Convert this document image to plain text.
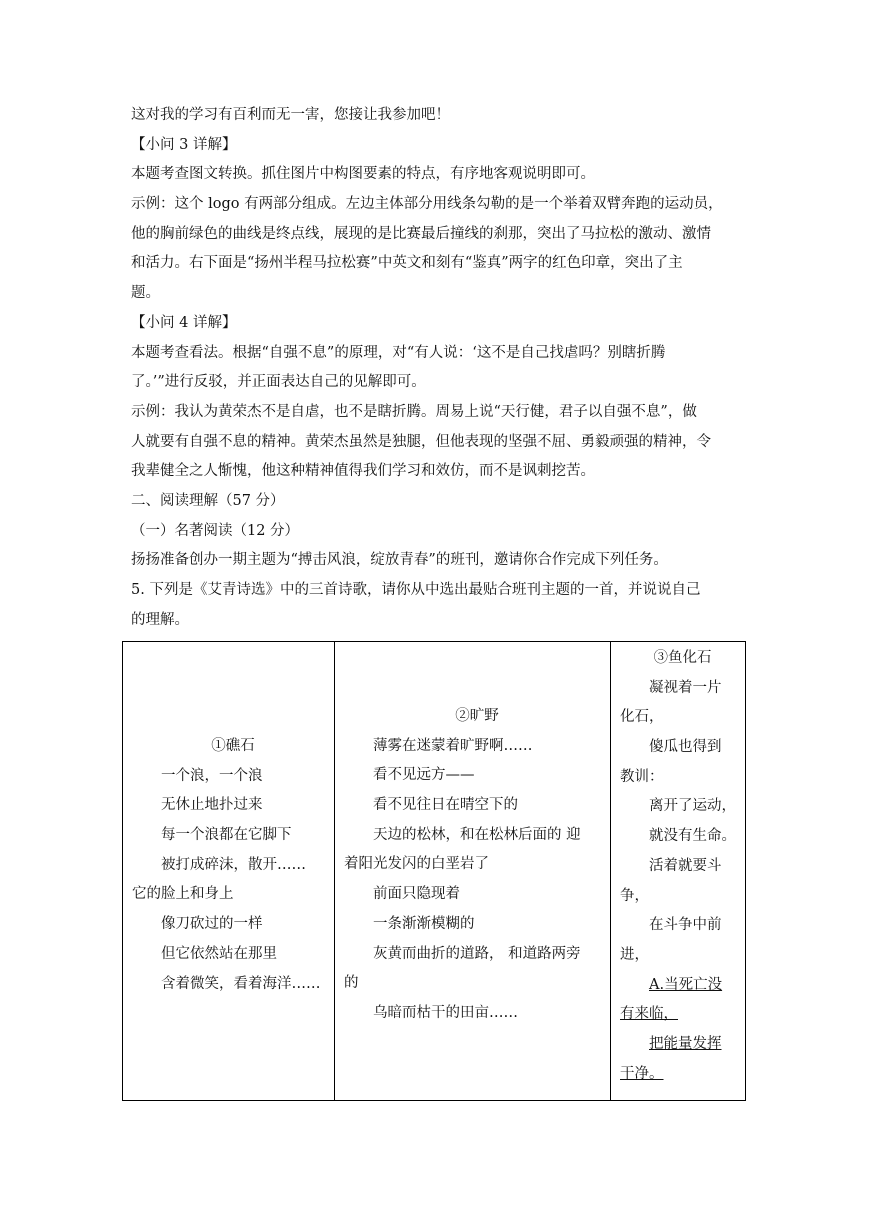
这对我的学习有百利而无一害，您接让我参加吧！
【小问 3 详解】
本题考查图文转换。抓住图片中构图要素的特点，有序地客观说明即可。
示例：这个 logo 有两部分组成。左边主体部分用线条勾勒的是一个举着双臂奔跑的运动员，
他的胸前绿色的曲线是终点线，展现的是比赛最后撞线的刹那，突出了马拉松的激动、激情
和活力。右下面是“扬州半程马拉松赛”中英文和刻有“鉴真”两字的红色印章，突出了主
题。
【小问 4 详解】
本题考查看法。根据“自强不息”的原理，对“有人说：‘这不是自己找虐吗？别瞎折腾
了。’”进行反驳，并正面表达自己的见解即可。
示例：我认为黄荣杰不是自虐，也不是瞎折腾。周易上说“天行健，君子以自强不息”，做
人就要有自强不息的精神。黄荣杰虽然是独腿，但他表现的坚强不屈、勇毅顽强的精神，令
我辈健全之人惭愧，他这种精神值得我们学习和效仿，而不是讽刺挖苦。
二、阅读理解（57 分）
（一）名著阅读（12 分）
扬扬准备创办一期主题为“搏击风浪，绽放青春”的班刊，邀请你合作完成下列任务。
5. 下列是《艾青诗选》中的三首诗歌，请你从中选出最贴合班刊主题的一首，并说说自己
的理解。
①礁石
一个浪，一个浪
无休止地扑过来
每一个浪都在它脚下
被打成碎沫，散开……
它的脸上和身上
像刀砍过的一样
但它依然站在那里
含着微笑，看着海洋……

②旷野
薄雾在迷蒙着旷野啊……
看不见远方——
看不见往日在晴空下的
天边的松林，和在松林后面的 迎
着阳光发闪的白垩岩了
前面只隐现着
一条渐渐模糊的
灰黄而曲折的道路， 和道路两旁
的
乌暗而枯干的田亩……

③鱼化石
凝视着一片
化石，
傻瓜也得到
教训：
离开了运动，
就没有生命。
活着就要斗
争，
在斗争中前
进，
A.当死亡没
有来临，
把能量发挥
干净。
